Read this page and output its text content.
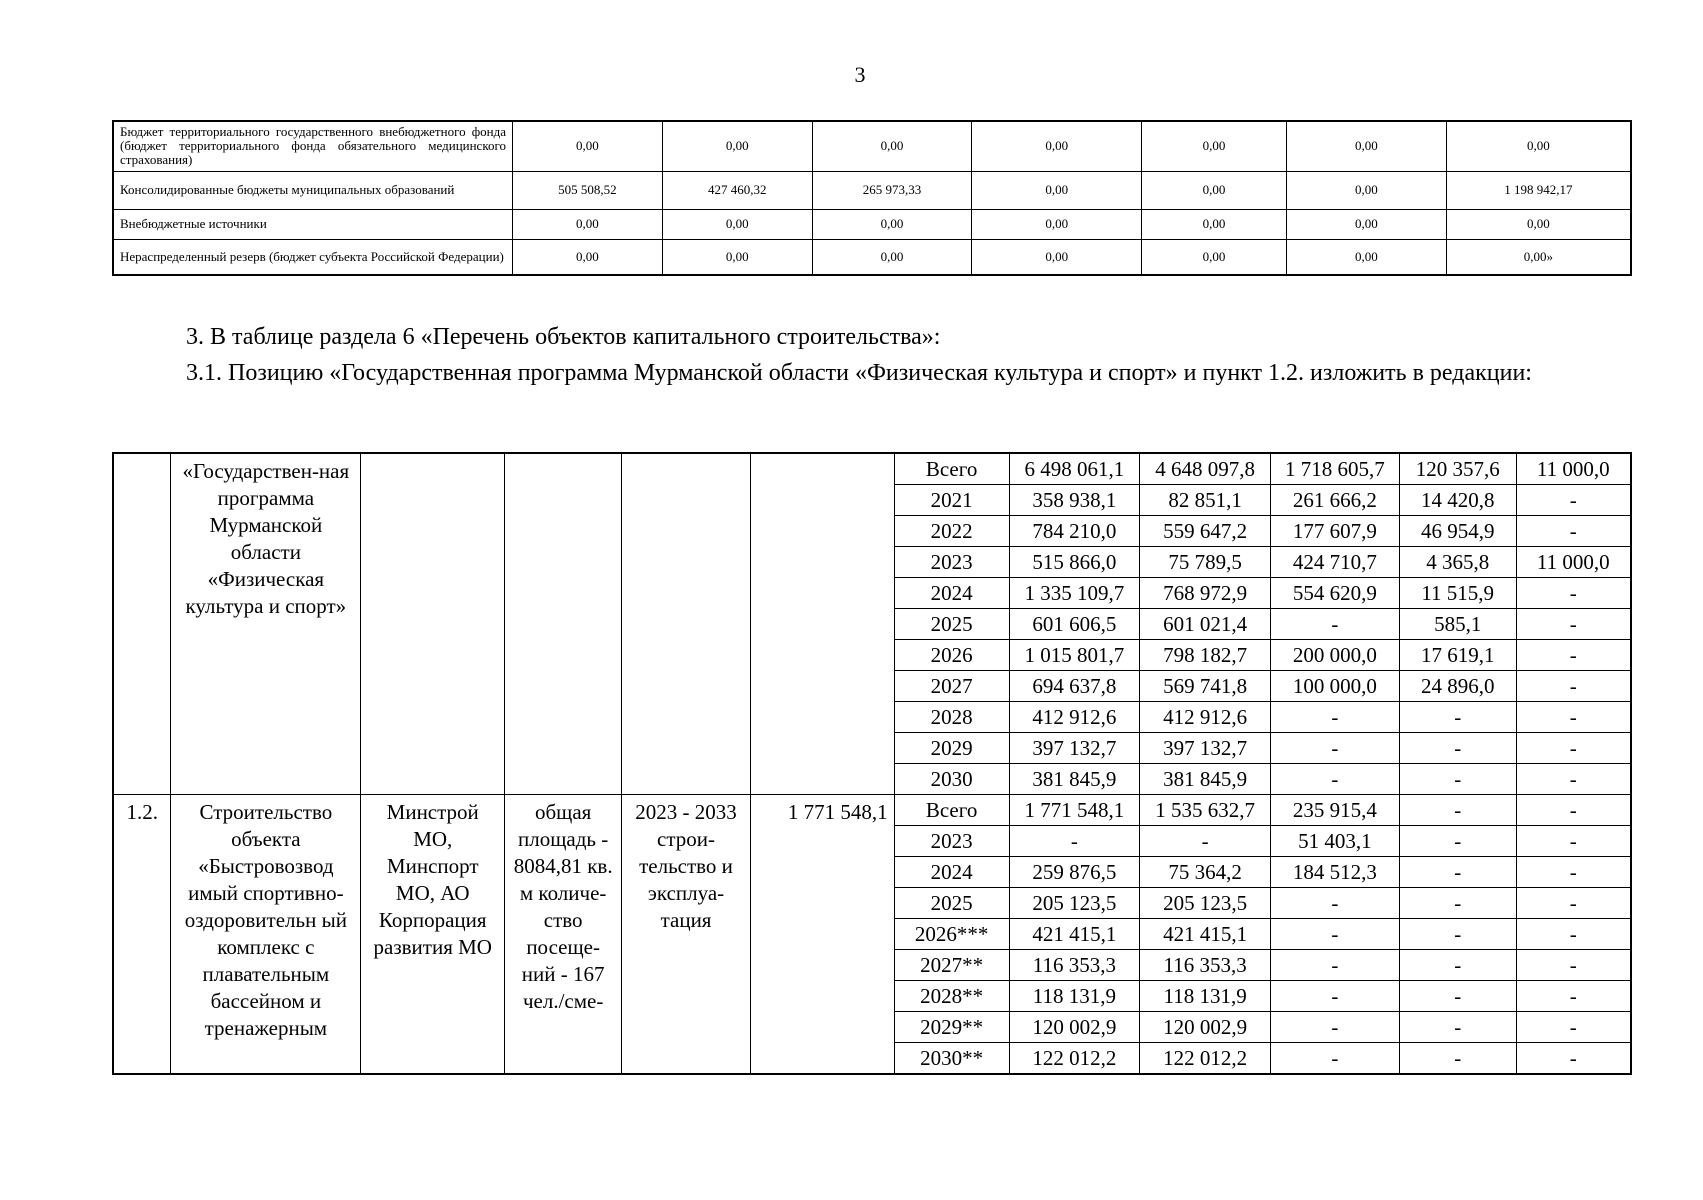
3
Бюджет территориального государственного внебюджетного фонда (бюджет территориального фонда обязательного медицинского страхования)	0,00	0,00	0,00	0,00	0,00	0,00	0,00
Консолидированные бюджеты муниципальных образований	505 508,52	427 460,32	265 973,33	0,00	0,00	0,00	1 198 942,17
Внебюджетные источники	0,00	0,00	0,00	0,00	0,00	0,00	0,00
Нераспределенный резерв (бюджет субъекта Российской Федерации)	0,00	0,00	0,00	0,00	0,00	0,00	0,00»
3. В таблице раздела 6 «Перечень объектов капитального строительства»:
3.1. Позицию «Государственная программа Мурманской области «Физическая культура и спорт» и пункт 1.2. изложить в редакции:
	«Государствен-ная программа Мурманской области «Физическая культура и спорт»					Всего	6 498 061,1	4 648 097,8	1 718 605,7	120 357,6	11 000,0
						2021	358 938,1	82 851,1	261 666,2	14 420,8	-
						2022	784 210,0	559 647,2	177 607,9	46 954,9	-
						2023	515 866,0	75 789,5	424 710,7	4 365,8	11 000,0
						2024	1 335 109,7	768 972,9	554 620,9	11 515,9	-
						2025	601 606,5	601 021,4	-	585,1	-
						2026	1 015 801,7	798 182,7	200 000,0	17 619,1	-
						2027	694 637,8	569 741,8	100 000,0	24 896,0	-
						2028	412 912,6	412 912,6	-	-	-
						2029	397 132,7	397 132,7	-	-	-
						2030	381 845,9	381 845,9	-	-	-
1.2.	Строительство объекта «Быстровозвод имый спортивно-оздоровительн ый комплекс с плавательным бассейном и тренажерным	Минстрой МО, Минспорт МО, АО Корпорация развития МО	общая площадь - 8084,81 кв. м количе-ство посеще-ний - 167 чел./сме-	2023 - 2033 строи-тельство и эксплуа-тация	1 771 548,1	Всего	1 771 548,1	1 535 632,7	235 915,4	-	-
						2023	-	-	51 403,1	-	-
						2024	259 876,5	75 364,2	184 512,3	-	-
						2025	205 123,5	205 123,5	-	-	-
						2026***	421 415,1	421 415,1	-	-	-
						2027**	116 353,3	116 353,3	-	-	-
						2028**	118 131,9	118 131,9	-	-	-
						2029**	120 002,9	120 002,9	-	-	-
						2030**	122 012,2	122 012,2	-	-	-
